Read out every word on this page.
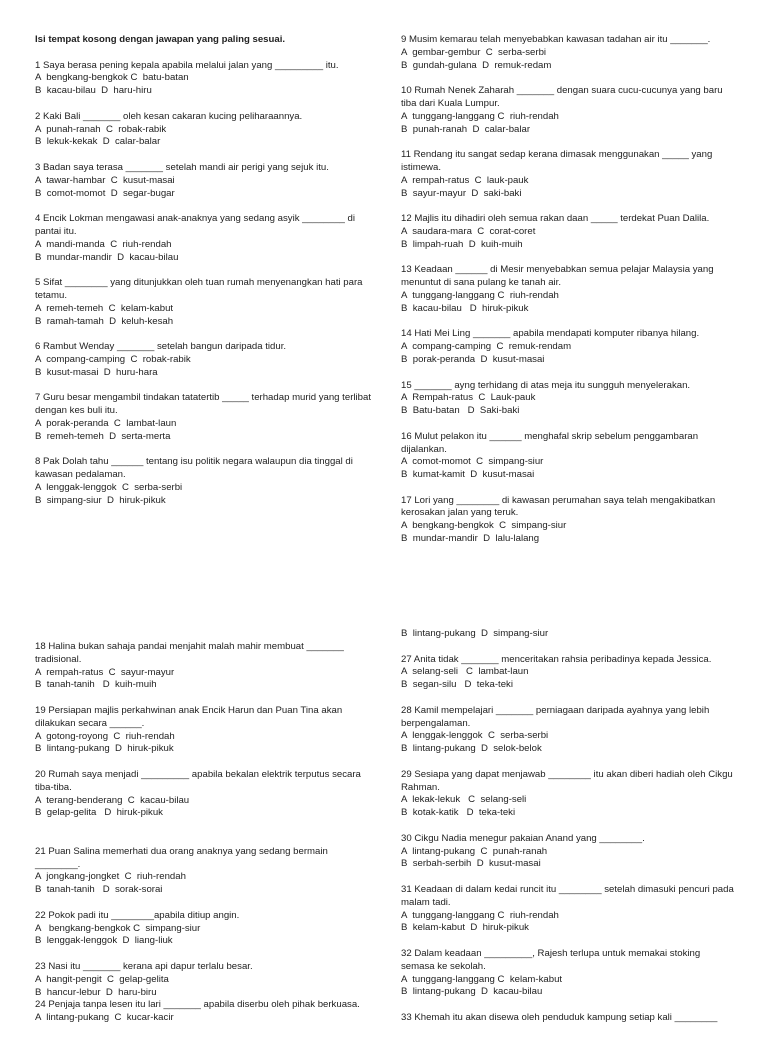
Isi tempat kosong dengan jawapan yang paling sesuai.
1 Saya berasa pening kepala apabila melalui jalan yang _________ itu.
A  bengkang-bengkok C  batu-batan
B  kacau-bilau  D  haru-hiru
2 Kaki Bali _______ oleh kesan cakaran kucing peliharaannya.
A  punah-ranah  C  robak-rabik
B  lekuk-kekak  D  calar-balar
3 Badan saya terasa _______ setelah mandi air perigi yang sejuk itu.
A  tawar-hambar  C  kusut-masai
B  comot-momot  D  segar-bugar
4 Encik Lokman mengawasi anak-anaknya yang sedang asyik ________ di pantai itu.
A  mandi-manda  C  riuh-rendah
B  mundar-mandir  D  kacau-bilau
5 Sifat ________ yang ditunjukkan oleh tuan rumah menyenangkan hati para tetamu.
A  remeh-temeh  C  kelam-kabut
B  ramah-tamah  D  keluh-kesah
6 Rambut Wenday _______ setelah bangun daripada tidur.
A  compang-camping  C  robak-rabik
B  kusut-masai  D  huru-hara
7 Guru besar mengambil tindakan tatatertib _____ terhadap murid yang terlibat dengan kes buli itu.
A  porak-peranda  C  lambat-laun
B  remeh-temeh  D  serta-merta
8 Pak Dolah tahu ______ tentang isu politik negara walaupun dia tinggal di kawasan pedalaman.
A  lenggak-lenggok  C  serba-serbi
B  simpang-siur  D  hiruk-pikuk
9 Musim kemarau telah menyebabkan kawasan tadahan air itu _______.
A  gembar-gembur  C  serba-serbi
B  gundah-gulana  D  remuk-redam
10 Rumah Nenek Zaharah _______ dengan suara cucu-cucunya yang baru tiba dari Kuala Lumpur.
A  tunggang-langgang C  riuh-rendah
B  punah-ranah  D  calar-balar
11 Rendang itu sangat sedap kerana dimasak menggunakan _____ yang istimewa.
A  rempah-ratus  C  lauk-pauk
B  sayur-mayur  D  saki-baki
12 Majlis itu dihadiri oleh semua rakan daan _____ terdekat Puan Dalila.
A  saudara-mara  C  corat-coret
B  limpah-ruah  D  kuih-muih
13 Keadaan ______ di Mesir menyebabkan semua pelajar Malaysia yang menuntut di sana pulang ke tanah air.
A  tunggang-langgang C  riuh-rendah
B  kacau-bilau   D  hiruk-pikuk
14 Hati Mei Ling _______ apabila mendapati komputer ribanya hilang.
A  compang-camping  C  remuk-rendam
B  porak-peranda  D  kusut-masai
15 _______ ayng terhidang di atas meja itu sungguh menyelerakan.
A  Rempah-ratus  C  Lauk-pauk
B  Batu-batan   D  Saki-baki
16 Mulut pelakon itu ______ menghafal skrip sebelum penggambaran dijalankan.
A  comot-momot  C  simpang-siur
B  kumat-kamit  D  kusut-masai
17 Lori yang ________ di kawasan perumahan saya telah mengakibatkan kerosakan jalan yang teruk.
A  bengkang-bengkok  C  simpang-siur
B  mundar-mandir  D  lalu-lalang
18 Halina bukan sahaja pandai menjahit malah mahir membuat _______ tradisional.
A  rempah-ratus  C  sayur-mayur
B  tanah-tanih   D  kuih-muih
19 Persiapan majlis perkahwinan anak Encik Harun dan Puan Tina akan dilakukan secara ______.
A  gotong-royong  C  riuh-rendah
B  lintang-pukang  D  hiruk-pikuk
20 Rumah saya menjadi _________ apabila bekalan elektrik terputus secara tiba-tiba.
A  terang-benderang  C  kacau-bilau
B  gelap-gelita   D  hiruk-pikuk
21 Puan Salina memerhati dua orang anaknya yang sedang bermain ________.
A  jongkang-jongket  C  riuh-rendah
B  tanah-tanih   D  sorak-sorai
22 Pokok padi itu ________apabila ditiup angin.
A   bengkang-bengkok C  simpang-siur
B  lenggak-lenggok  D  liang-liuk
23 Nasi itu _______ kerana api dapur terlalu besar.
A  hangit-pengit  C  gelap-gelita
B  hancur-lebur  D  haru-biru
24 Penjaja tanpa lesen itu lari _______ apabila diserbu oleh pihak berkuasa.
A  lintang-pukang  C  kucar-kacir
B  lintang-pukang  D  simpang-siur
27 Anita tidak _______ menceritakan rahsia peribadinya kepada Jessica.
A  selang-seli   C  lambat-laun
B  segan-silu   D  teka-teki
28 Kamil mempelajari _______ perniagaan daripada ayahnya yang lebih berpengalaman.
A  lenggak-lenggok  C  serba-serbi
B  lintang-pukang  D  selok-belok
29 Sesiapa yang dapat menjawab ________ itu akan diberi hadiah oleh Cikgu Rahman.
A  lekak-lekuk   C  selang-seli
B  kotak-katik   D  teka-teki
30 Cikgu Nadia menegur pakaian Anand yang ________.
A  lintang-pukang  C  punah-ranah
B  serbah-serbih  D  kusut-masai
31 Keadaan di dalam kedai runcit itu ________ setelah dimasuki pencuri pada malam tadi.
A  tunggang-langgang C  riuh-rendah
B  kelam-kabut  D  hiruk-pikuk
32 Dalam keadaan _________, Rajesh terlupa untuk memakai stoking semasa ke sekolah.
A  tunggang-langgang C  kelam-kabut
B  lintang-pukang  D  kacau-bilau
33 Khemah itu akan disewa oleh penduduk kampung setiap kali ________
